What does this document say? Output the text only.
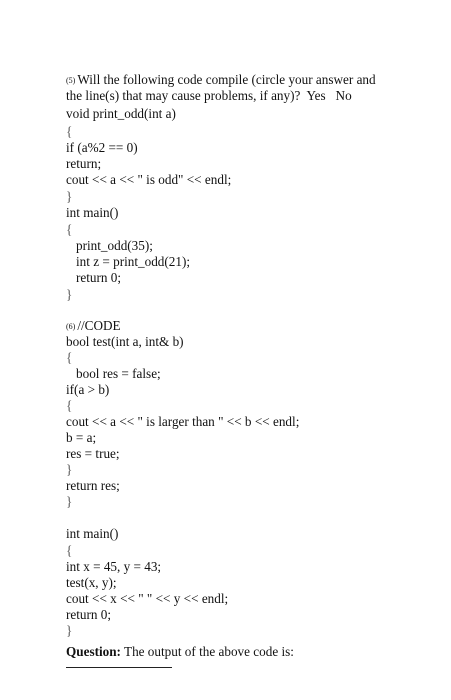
(5) Will the following code compile (circle your answer and
the line(s) that may cause problems, if any)?  Yes   No
void print_odd(int a)
{
if (a%2 == 0)
return;
cout << a << " is odd" << endl;
}
int main()
{
print_odd(35);
int z = print_odd(21);
return 0;
}
(6) //CODE
bool test(int a, int& b)
{
bool res = false;
if(a > b)
{
cout << a << " is larger than " << b << endl;
b = a;
res = true;
}
return res;
}
int main()
{
int x = 45, y = 43;
test(x, y);
cout << x << " " << y << endl;
return 0;
}
Question: The output of the above code is:
